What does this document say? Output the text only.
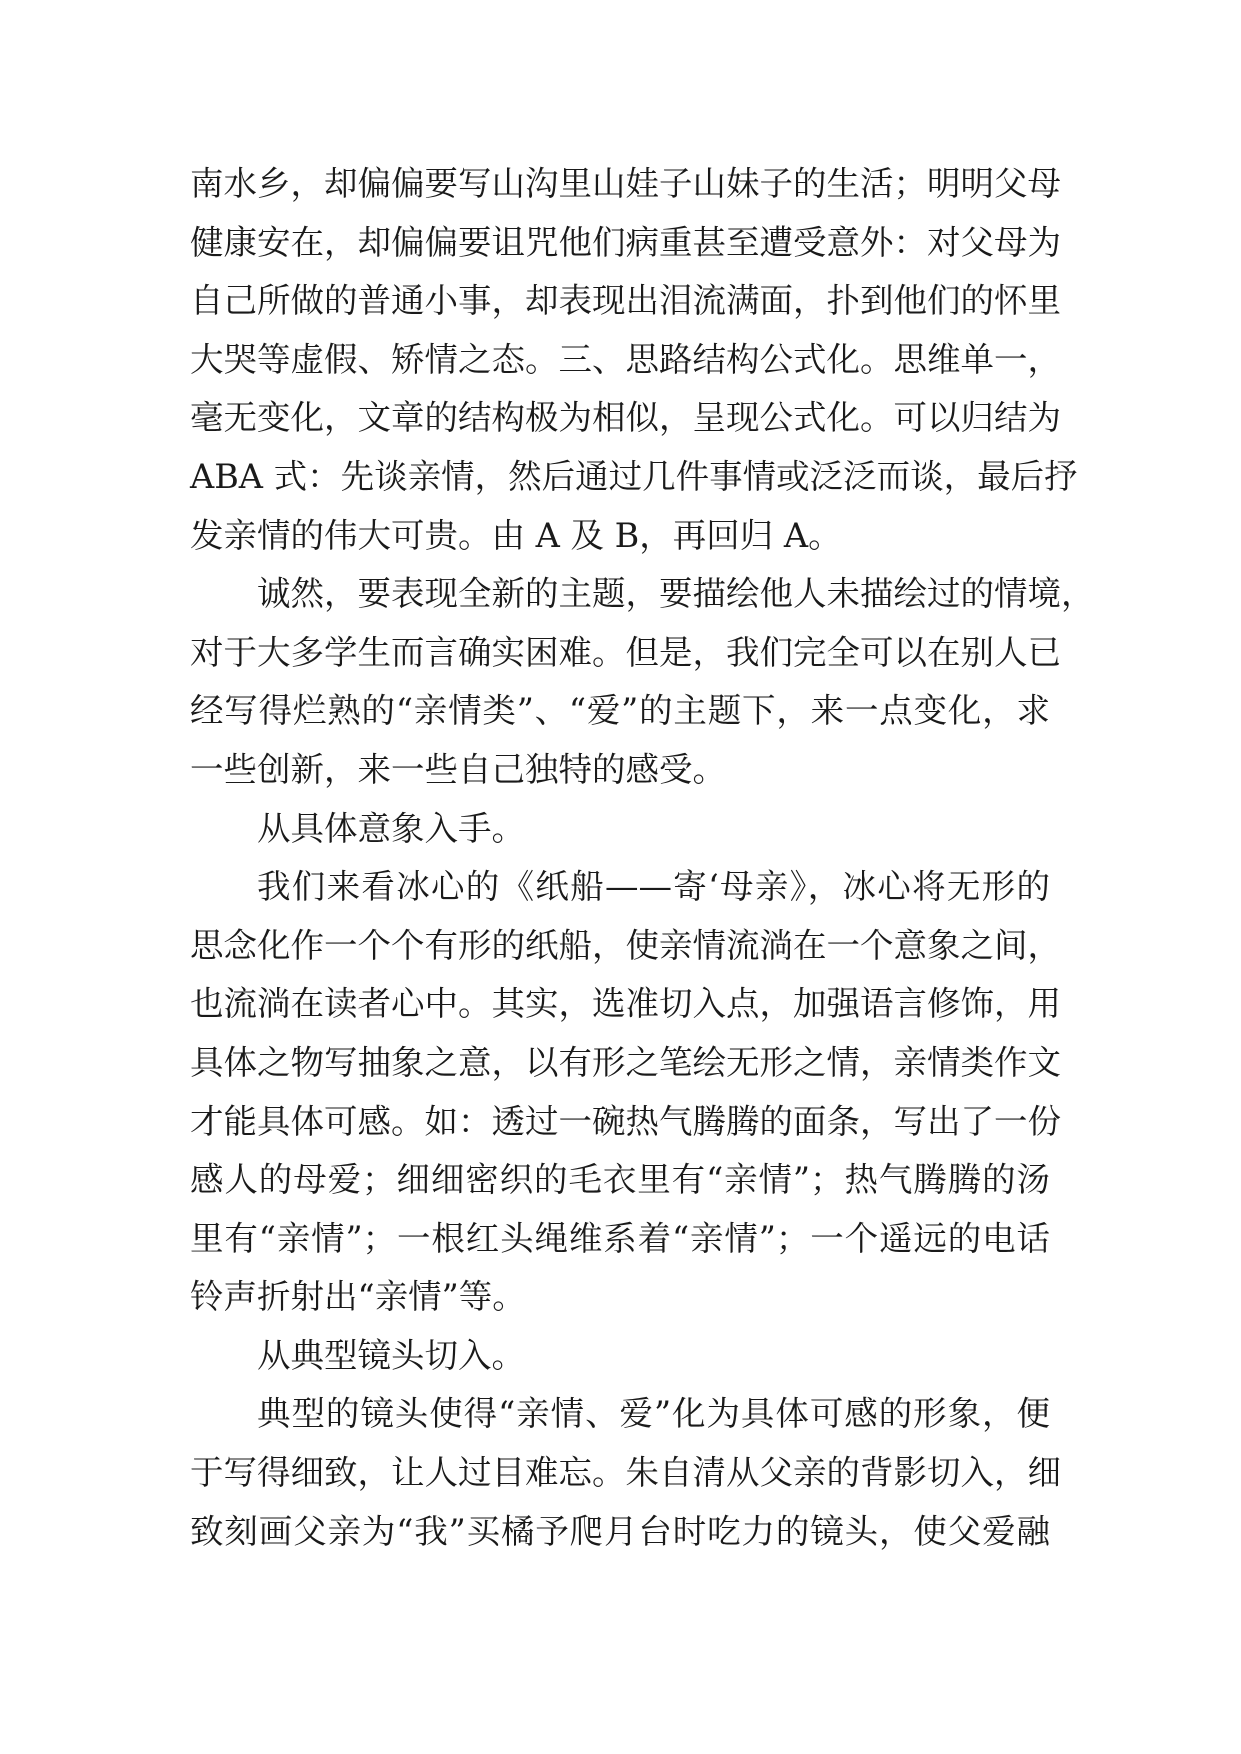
南水乡，却偏偏要写山沟里山娃子山妹子的生活；明明父母
健康安在，却偏偏要诅咒他们病重甚至遭受意外：对父母为
自己所做的普通小事，却表现出泪流满面，扑到他们的怀里
大哭等虚假、矫情之态。三、思路结构公式化。思维单一，
毫无变化，文章的结构极为相似，呈现公式化。可以归结为
ABA 式：先谈亲情，然后通过几件事情或泛泛而谈，最后抒
发亲情的伟大可贵。由 A 及 B，再回归 A。
诚然，要表现全新的主题，要描绘他人未描绘过的情境，
对于大多学生而言确实困难。但是，我们完全可以在别人已
经写得烂熟的“亲情类”、“爱”的主题下，来一点变化，求
一些创新，来一些自己独特的感受。
从具体意象入手。
我们来看冰心的《纸船——寄‘母亲》，冰心将无形的
思念化作一个个有形的纸船，使亲情流淌在一个意象之间，
也流淌在读者心中。其实，选准切入点，加强语言修饰，用
具体之物写抽象之意，以有形之笔绘无形之情，亲情类作文
才能具体可感。如：透过一碗热气腾腾的面条，写出了一份
感人的母爱；细细密织的毛衣里有“亲情”；热气腾腾的汤
里有“亲情”；一根红头绳维系着“亲情”；一个遥远的电话
铃声折射出“亲情”等。
从典型镜头切入。
典型的镜头使得“亲情、爱”化为具体可感的形象，便
于写得细致，让人过目难忘。朱自清从父亲的背影切入，细
致刻画父亲为“我”买橘予爬月台时吃力的镜头，使父爱融
